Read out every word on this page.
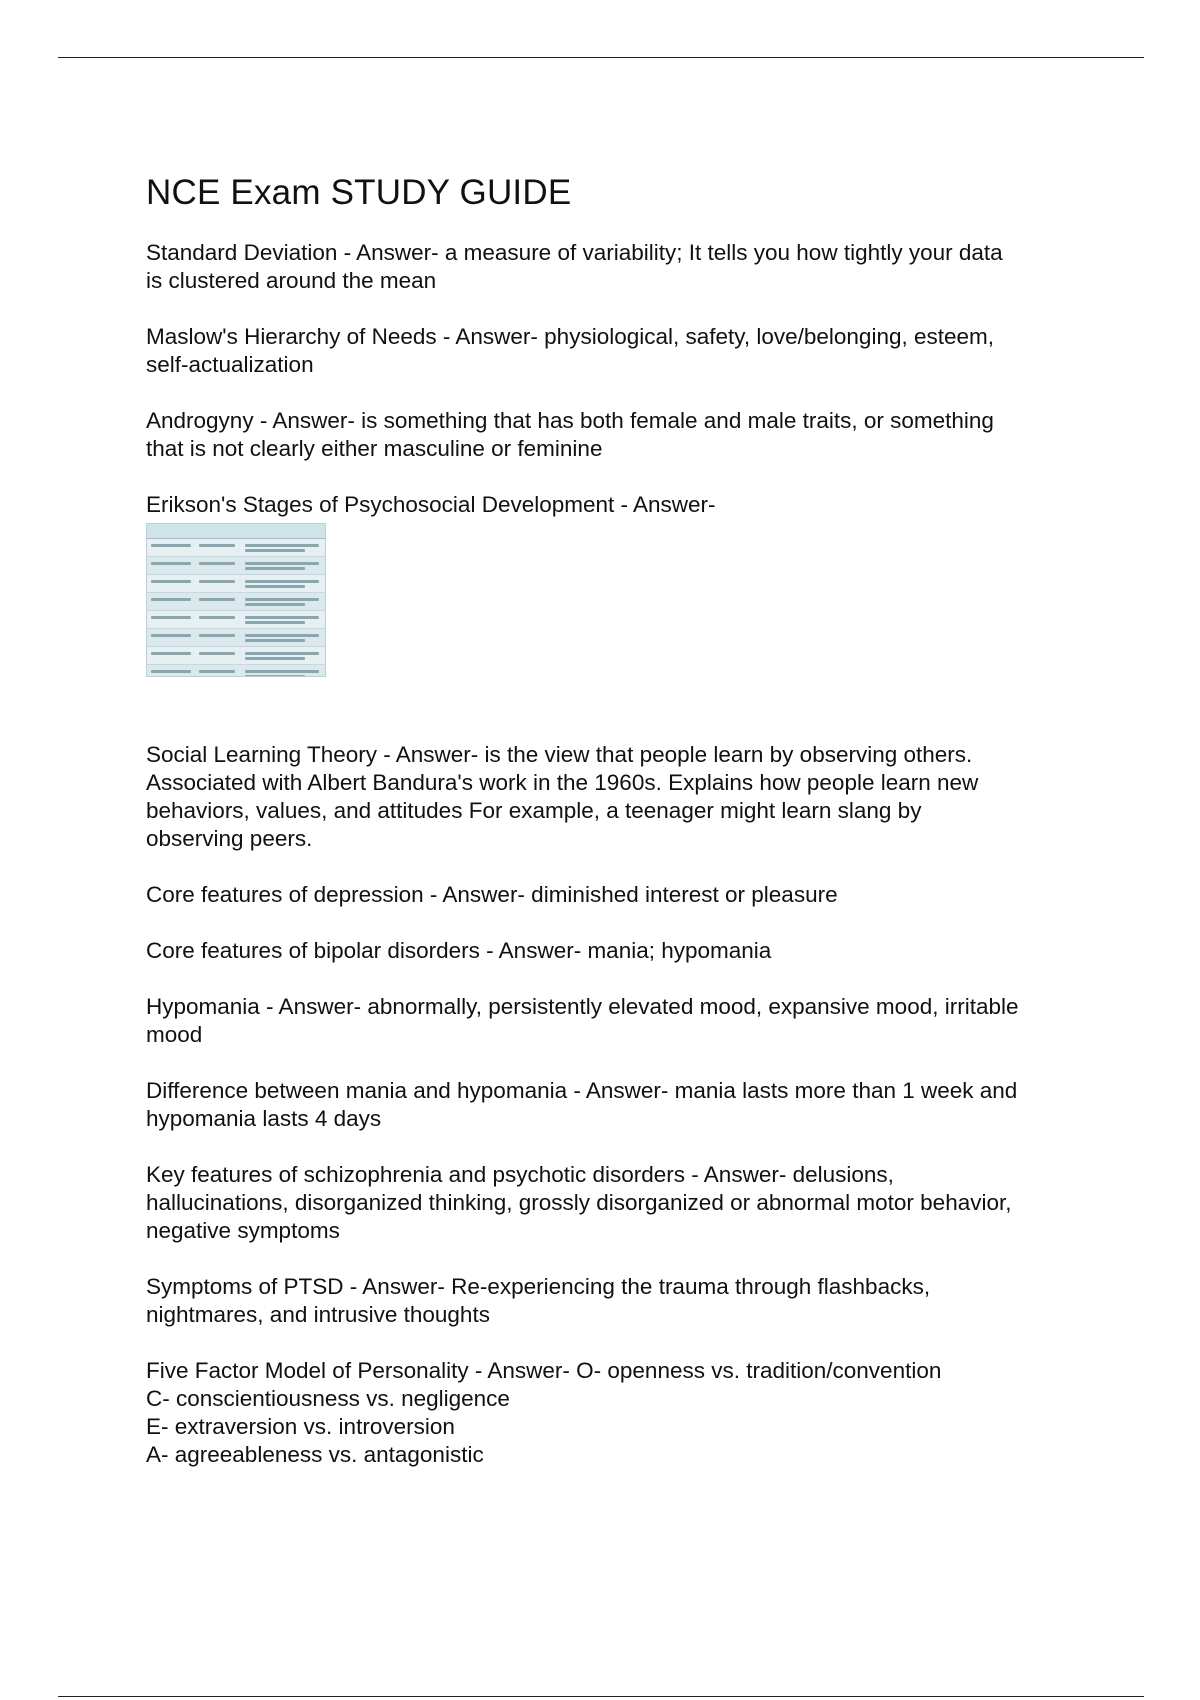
NCE Exam STUDY GUIDE
Standard Deviation - Answer- a measure of variability; It tells you how tightly your data
is clustered around the mean
Maslow's Hierarchy of Needs - Answer- physiological, safety, love/belonging, esteem,
self-actualization
Androgyny - Answer- is something that has both female and male traits, or something
that is not clearly either masculine or feminine
Erikson's Stages of Psychosocial Development - Answer-
Social Learning Theory - Answer- is the view that people learn by observing others.
Associated with Albert Bandura's work in the 1960s. Explains how people learn new
behaviors, values, and attitudes For example, a teenager might learn slang by
observing peers.
Core features of depression - Answer- diminished interest or pleasure
Core features of bipolar disorders - Answer- mania; hypomania
Hypomania - Answer- abnormally, persistently elevated mood, expansive mood, irritable
mood
Difference between mania and hypomania - Answer- mania lasts more than 1 week and
hypomania lasts 4 days
Key features of schizophrenia and psychotic disorders - Answer- delusions,
hallucinations, disorganized thinking, grossly disorganized or abnormal motor behavior,
negative symptoms
Symptoms of PTSD - Answer- Re-experiencing the trauma through flashbacks,
nightmares, and intrusive thoughts
Five Factor Model of Personality - Answer- O- openness vs. tradition/convention
C- conscientiousness vs. negligence
E- extraversion vs. introversion
A- agreeableness vs. antagonistic
